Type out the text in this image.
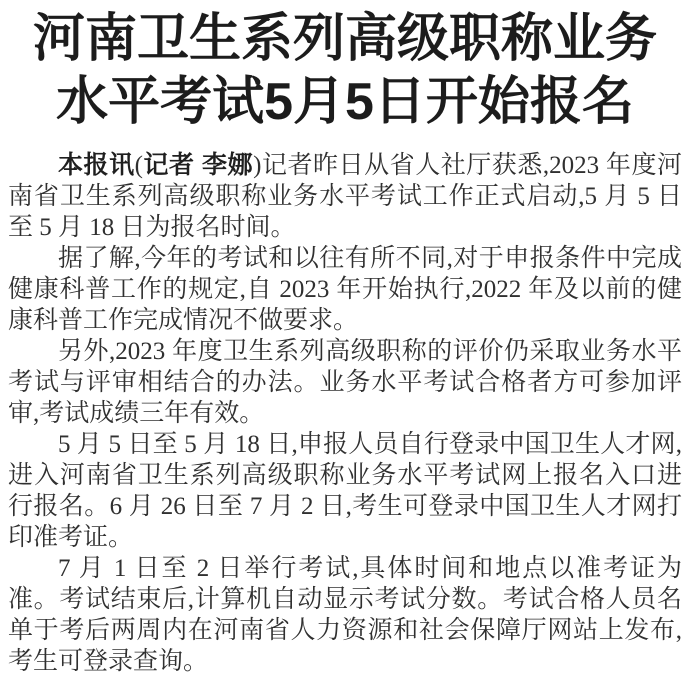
河南卫生系列高级职称业务
水平考试5月5日开始报名

本报讯(记者 李娜)记者昨日从省人社厅获悉,2023 年度河南省卫生系列高级职称业务水平考试工作正式启动,5 月 5 日至 5 月 18 日为报名时间。

据了解,今年的考试和以往有所不同,对于申报条件中完成健康科普工作的规定,自 2023 年开始执行,2022 年及以前的健康科普工作完成情况不做要求。

另外,2023 年度卫生系列高级职称的评价仍采取业务水平考试与评审相结合的办法。业务水平考试合格者方可参加评审,考试成绩三年有效。

5 月 5 日至 5 月 18 日,申报人员自行登录中国卫生人才网,进入河南省卫生系列高级职称业务水平考试网上报名入口进行报名。6 月 26 日至 7 月 2 日,考生可登录中国卫生人才网打印准考证。

7 月 1 日至 2 日举行考试,具体时间和地点以准考证为准。考试结束后,计算机自动显示考试分数。考试合格人员名单于考后两周内在河南省人力资源和社会保障厅网站上发布,考生可登录查询。
